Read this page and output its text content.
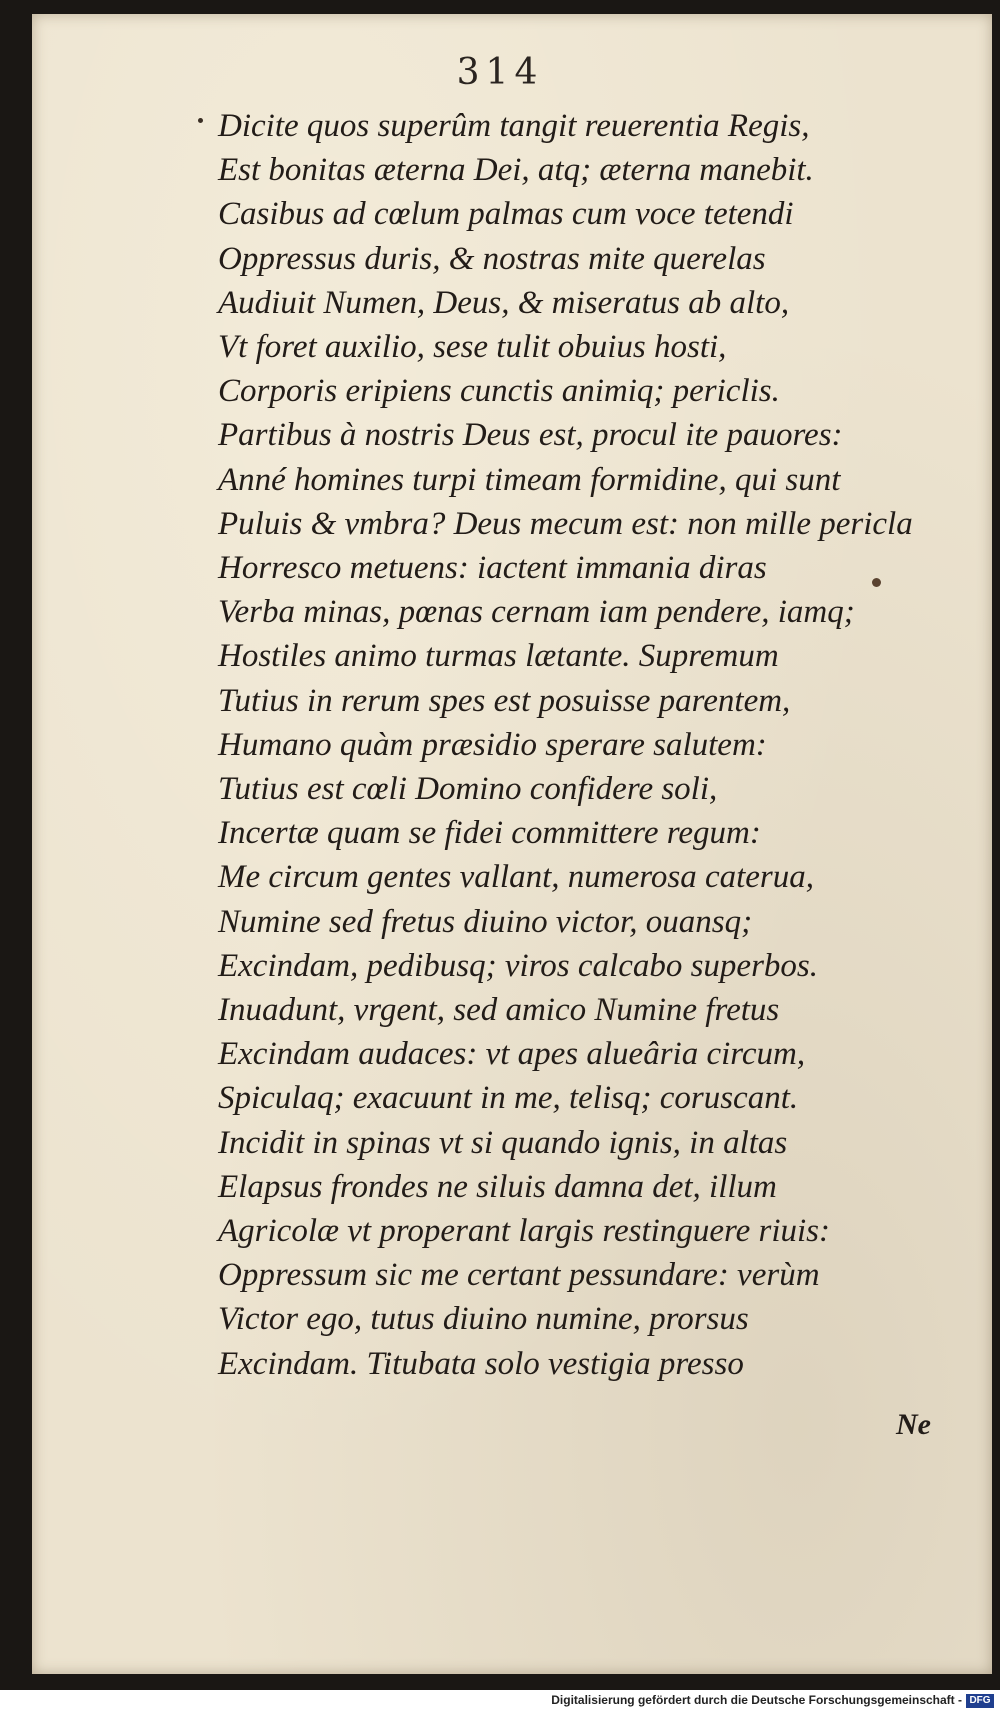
314
Dicite quos superûm tangit reuerentia Regis,
Est bonitas æterna Dei, atq; æterna manebit.
Casibus ad cœlum palmas cum voce tetendi
Oppressus duris, & nostras mite querelas
Audiuit Numen, Deus, & miseratus ab alto,
Vt foret auxilio, sese tulit obuius hosti,
Corporis eripiens cunctis animiq; periclis.
Partibus à nostris Deus est, procul ite pauores:
Anné homines turpi timeam formidine, qui sunt
Puluis & vmbra? Deus mecum est: non mille pericla
Horresco metuens: iactent immania diras
Verba minas, pœnas cernam iam pendere, iamq;
Hostiles animo turmas lætante. Supremum
Tutius in rerum spes est posuisse parentem,
Humano quàm præsidio sperare salutem:
Tutius est cœli Domino confidere soli,
Incertæ quam se fidei committere regum:
Me circum gentes vallant, numerosa caterua,
Numine sed fretus diuino victor, ouansq;
Excindam, pedibusq; viros calcabo superbos.
Inuadunt, vrgent, sed amico Numine fretus
Excindam audaces: vt apes alueâria circum,
Spiculaq; exacuunt in me, telisq; coruscant.
Incidit in spinas vt si quando ignis, in altas
Elapsus frondes ne siluis damna det, illum
Agricolæ vt properant largis restinguere riuis:
Oppressum sic me certant pessundare: verùm
Victor ego, tutus diuino numine, prorsus
Excindam. Titubata solo vestigia presso
Ne
Digitalisierung gefördert durch die Deutsche Forschungsgemeinschaft - DFG
